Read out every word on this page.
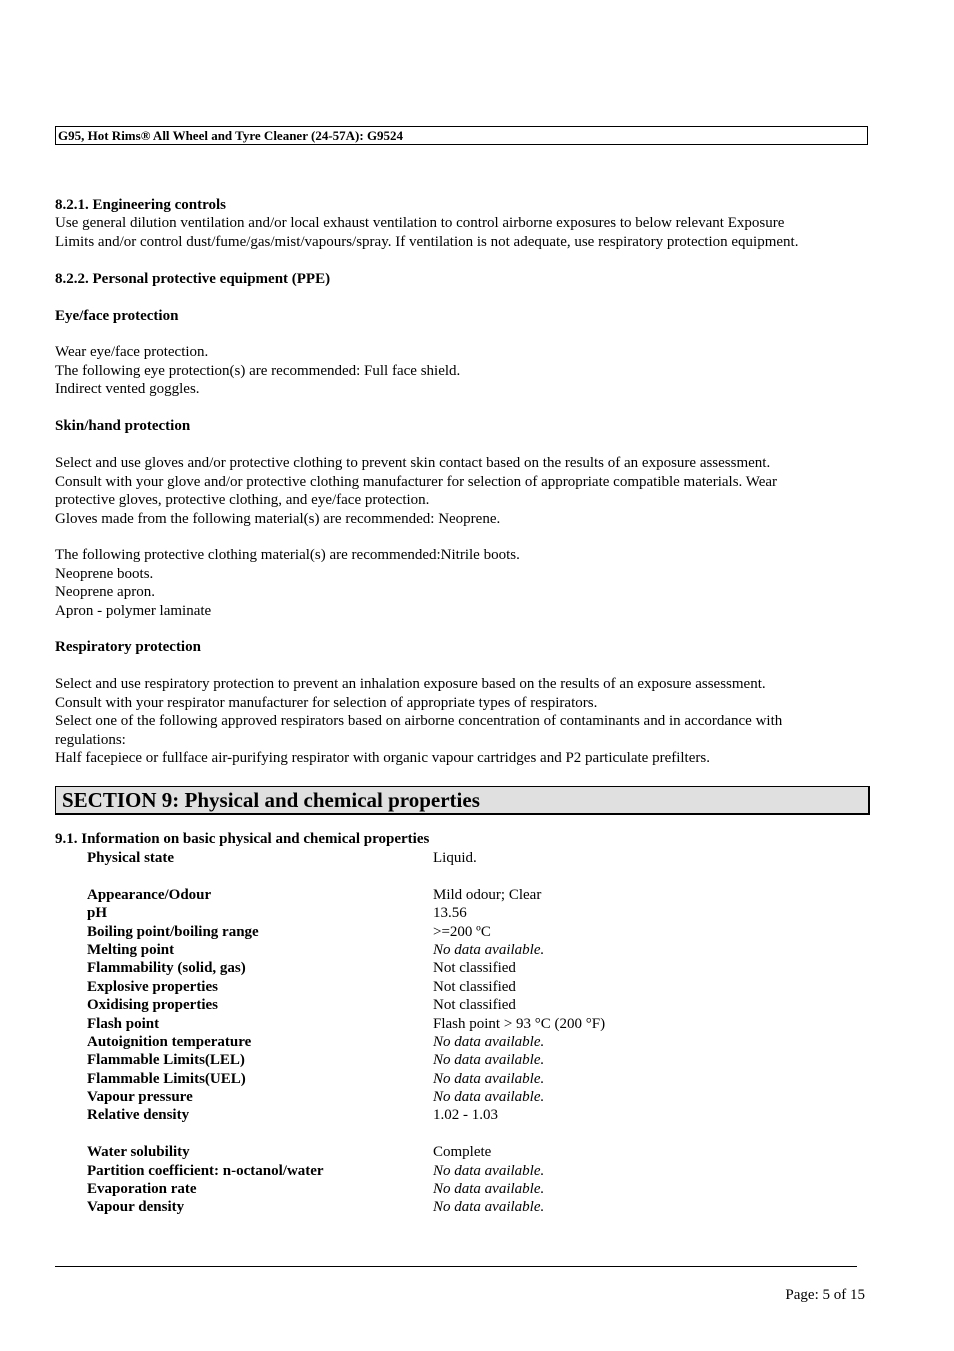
G95, Hot Rims® All Wheel and Tyre Cleaner (24-57A): G9524
8.2.1. Engineering controls

Use general dilution ventilation and/or local exhaust ventilation to control airborne exposures to below relevant Exposure

Limits and/or control dust/fume/gas/mist/vapours/spray. If ventilation is not adequate, use respiratory protection equipment.

8.2.2. Personal protective equipment (PPE)
Eye/face protection

Wear eye/face protection.

The following eye protection(s) are recommended: Full face shield.

Indirect vented goggles.

Skin/hand protection

Select and use gloves and/or protective clothing to prevent skin contact based on the results of an exposure assessment.

Consult with your glove and/or protective clothing manufacturer for selection of appropriate compatible materials. Wear

protective gloves, protective clothing, and eye/face protection.

Gloves made from the following material(s) are recommended: Neoprene.

The following protective clothing material(s) are recommended:Nitrile boots.

Neoprene boots.

Neoprene apron.

Apron - polymer laminate

Respiratory protection

Select and use respiratory protection to prevent an inhalation exposure based on the results of an exposure assessment.

Consult with your respirator manufacturer for selection of appropriate types of respirators.

Select one of the following approved respirators based on airborne concentration of contaminants and in accordance with

regulations:

Half facepiece or fullface air-purifying respirator with organic vapour cartridges and P2 particulate prefilters.

SECTION 9: Physical and chemical properties
9.1. Information on basic physical and chemical properties
Physical state	Liquid.
Appearance/Odour	Mild odour; Clear
pH	13.56
Boiling point/boiling range	>=200 ºC
Melting point	No data available.
Flammability (solid, gas)	Not classified
Explosive properties	Not classified
Oxidising properties	Not classified
Flash point	Flash point > 93 °C (200 °F)
Autoignition temperature	No data available.
Flammable Limits(LEL)	No data available.
Flammable Limits(UEL)	No data available.
Vapour pressure	No data available.
Relative density	1.02 - 1.03
Water solubility	Complete
Partition coefficient: n-octanol/water	No data available.
Evaporation rate	No data available.
Vapour density	No data available.
Page: 5 of 15
